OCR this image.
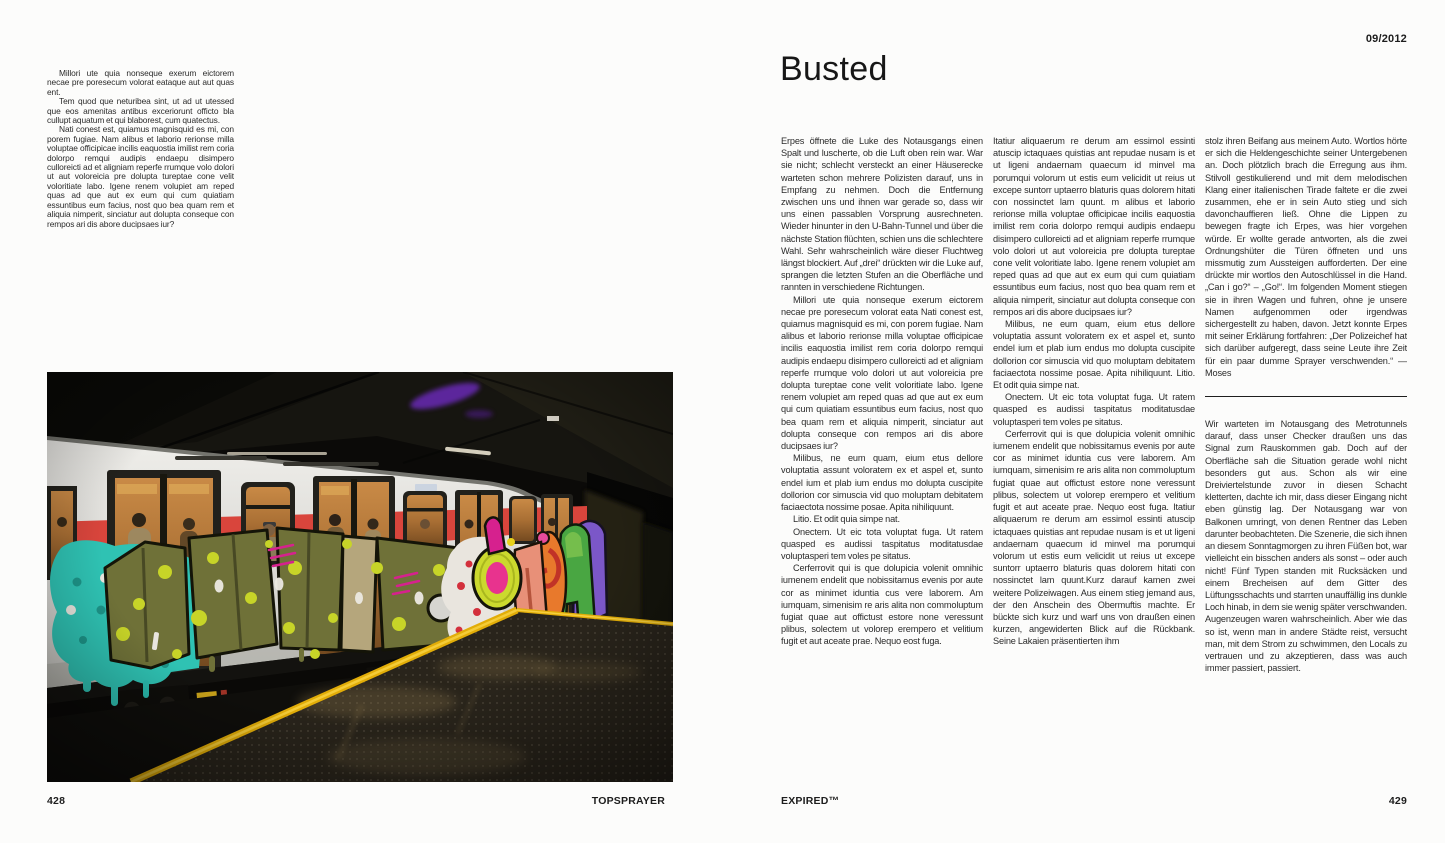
Millori ute quia nonseque exerum eictorem necae pre poresecum volorat eataque aut aut quas ent.

Tem quod que neturibea sint, ut ad ut utessed que eos amenitas antibus exceriorunt officto bla cullupt aquatum et qui blaborest, cum quatectus.

Nati conest est, quiamus magnisquid es mi, con porem fugiae. Nam alibus et laborio rerionse milla voluptae officipicae incilis eaquostia imilist rem coria dolorpo remqui audipis endaepu disimpero culloreicti ad et aligniam reperfe rrumque volo dolori ut aut voloreicia pre dolupta tureptae cone velit voloritiate labo. Igene renem volupiet am reped quas ad que aut ex eum qui cum quiatiam essuntibus eum facius, nost quo bea quam rem et aliquia nimperit, sinciatur aut dolupta conseque con rempos ari dis abore ducipsaes iur?

09/2012
Busted

Erpes öffnete die Luke des Notausgangs einen Spalt und luscherte, ob die Luft oben rein war. War sie nicht; schlecht versteckt an einer Häuserecke warteten schon mehrere Polizisten darauf, uns in Empfang zu nehmen. Doch die Entfernung zwischen uns und ihnen war gerade so, dass wir uns einen passablen Vorsprung ausrechneten. Wieder hinunter in den U-Bahn-Tunnel und über die nächste Station flüchten, schien uns die schlechtere Wahl. Sehr wahrscheinlich wäre dieser Fluchtweg längst blockiert. Auf „drei“ drückten wir die Luke auf, sprangen die letzten Stufen an die Oberfläche und rannten in verschiedene Richtungen.

Millori ute quia nonseque exerum eictorem necae pre poresecum volorat eata Nati conest est, quiamus magnisquid es mi, con porem fugiae. Nam alibus et laborio rerionse milla voluptae officipicae incilis eaquostia imilist rem coria dolorpo remqui audipis endaepu disimpero culloreicti ad et aligniam reperfe rrumque volo dolori ut aut voloreicia pre dolupta tureptae cone velit voloritiate labo. Igene renem volupiet am reped quas ad que aut ex eum qui cum quiatiam essuntibus eum facius, nost quo bea quam rem et aliquia nimperit, sinciatur aut dolupta conseque con rempos ari dis abore ducipsaes iur?

Milibus, ne eum quam, eium etus dellore voluptatia assunt voloratem ex et aspel et, sunto endel ium et plab ium endus mo dolupta cuscipite dollorion cor simuscia vid quo moluptam debitatem faciaectota nossime posae. Apita nihiliquunt.

Litio. Et odit quia simpe nat.

Onectem. Ut eic tota voluptat fuga. Ut ratem quasped es audissi taspitatus moditatusdae voluptasperi tem voles pe sitatus.

Cerferrovit qui is que dolupicia volenit omnihic iumenem endelit que nobissitamus evenis por aute cor as minimet iduntia cus vere laborem. Am iumquam, simenisim re aris alita non commoluptum fugiat quae aut offictust estore none veressunt plibus, solectem ut volorep erempero et velitium fugit et aut aceate prae. Nequo eost fuga.

Itatiur aliquaerum re derum am essimol essinti atuscip ictaquaes quistias ant repudae nusam is et ut ligeni andaernam quaecum id minvel ma porumqui volorum ut estis eum velicidit ut reius ut excepe suntorr uptaerro blaturis quas dolorem hitati con nossinctet lam quunt. m alibus et laborio rerionse milla voluptae officipicae incilis eaquostia imilist rem coria dolorpo remqui audipis endaepu disimpero culloreicti ad et aligniam reperfe rrumque volo dolori ut aut voloreicia pre dolupta tureptae cone velit voloritiate labo. Igene renem volupiet am reped quas ad que aut ex eum qui cum quiatiam essuntibus eum facius, nost quo bea quam rem et aliquia nimperit, sinciatur aut dolupta conseque con rempos ari dis abore ducipsaes iur?

Milibus, ne eum quam, eium etus dellore voluptatia assunt voloratem ex et aspel et, sunto endel ium et plab ium endus mo dolupta cuscipite dollorion cor simuscia vid quo moluptam debitatem faciaectota nossime posae. Apita nihiliquunt. Litio. Et odit quia simpe nat.

Onectem. Ut eic tota voluptat fuga. Ut ratem quasped es audissi taspitatus moditatusdae voluptasperi tem voles pe sitatus.

Cerferrovit qui is que dolupicia volenit omnihic iumenem endelit que nobissitamus evenis por aute cor as minimet iduntia cus vere laborem. Am iumquam, simenisim re aris alita non commoluptum fugiat quae aut offictust estore none veressunt plibus, solectem ut volorep erempero et velitium fugit et aut aceate prae. Nequo eost fuga. Itatiur aliquaerum re derum am essimol essinti atuscip ictaquaes quistias ant repudae nusam is et ut ligeni andaernam quaecum id minvel ma porumqui volorum ut estis eum velicidit ut reius ut excepe suntorr uptaerro blaturis quas dolorem hitati con nossinctet lam quunt.Kurz darauf kamen zwei weitere Polizeiwagen. Aus einem stieg jemand aus, der den Anschein des Obermuftis machte. Er bückte sich kurz und warf uns von draußen einen kurzen, angewiderten Blick auf die Rückbank. Seine Lakaien präsentierten ihm

stolz ihren Beifang aus meinem Auto. Wortlos hörte er sich die Heldengeschichte seiner Untergebenen an. Doch plötzlich brach die Erregung aus ihm. Stilvoll gestikulierend und mit dem melodischen Klang einer italienischen Tirade faltete er die zwei zusammen, ehe er in sein Auto stieg und sich davonchauffieren ließ. Ohne die Lippen zu bewegen fragte ich Erpes, was hier vorgehen würde. Er wollte gerade antworten, als die zwei Ordnungshüter die Türen öffneten und uns missmutig zum Aussteigen aufforderten. Der eine drückte mir wortlos den Autoschlüssel in die Hand. „Can i go?“ – „Go!“. Im folgenden Moment stiegen sie in ihren Wagen und fuhren, ohne je unsere Namen aufgenommen oder irgendwas sichergestellt zu haben, davon. Jetzt konnte Erpes mit seiner Erklärung fortfahren: „Der Polizeichef hat sich darüber aufgeregt, dass seine Leute ihre Zeit für ein paar dumme Sprayer verschwenden.“ —Moses

Wir warteten im Notausgang des Metrotunnels darauf, dass unser Checker draußen uns das Signal zum Rauskommen gab. Doch auf der Oberfläche sah die Situation gerade wohl nicht besonders gut aus. Schon als wir eine Dreiviertelstunde zuvor in diesen Schacht kletterten, dachte ich mir, dass dieser Eingang nicht eben günstig lag. Der Notausgang war von Balkonen umringt, von denen Rentner das Leben darunter beobachteten. Die Szenerie, die sich ihnen an diesem Sonntagmorgen zu ihren Füßen bot, war vielleicht ein bisschen anders als sonst – oder auch nicht! Fünf Typen standen mit Rucksäcken und einem Brecheisen auf dem Gitter des Lüftungsschachts und starrten unauffällig ins dunkle Loch hinab, in dem sie wenig später verschwanden. Augenzeugen waren wahrscheinlich. Aber wie das so ist, wenn man in andere Städte reist, versucht man, mit dem Strom zu schwimmen, den Locals zu vertrauen und zu akzeptieren, dass was auch immer passiert, passiert.

428	TOPSPRAYER	EXPIRED™	429
